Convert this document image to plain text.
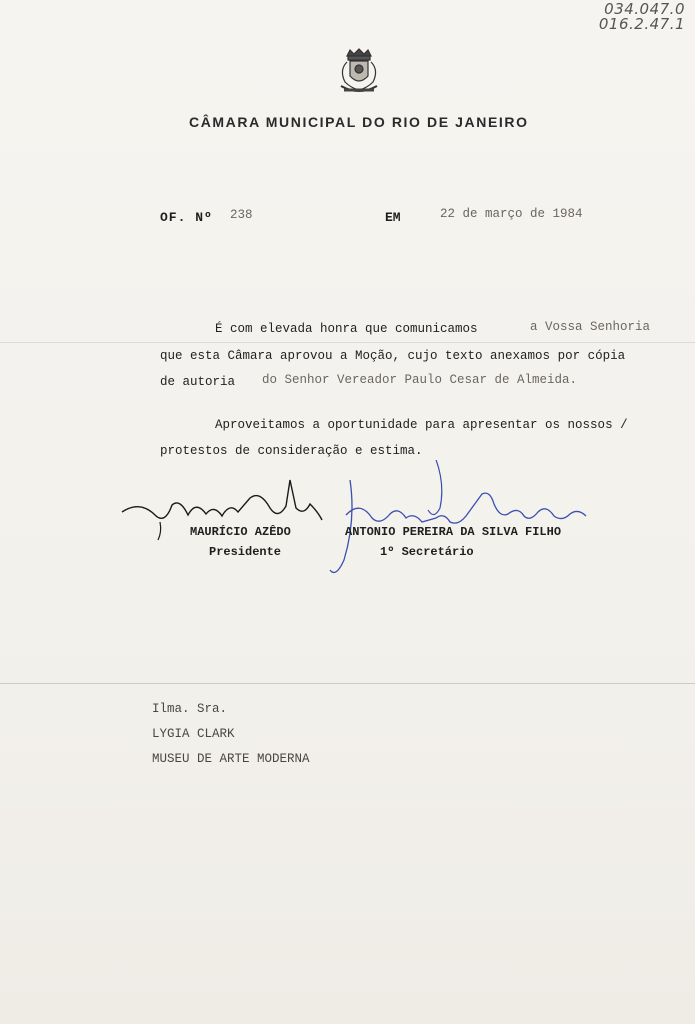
034.047.0
016.2.47.1
CÂMARA MUNICIPAL DO RIO DE JANEIRO
OF. Nº 238	EM	22 de março de 1984
É com elevada honra que comunicamos	a Vossa Senhoria
que esta Câmara aprovou a Moção, cujo texto anexamos por cópia
de autoria do Senhor Vereador Paulo Cesar de Almeida.
Aproveitamos a oportunidade para apresentar os nossos /
protestos de consideração e estima.
MAURÍCIO AZÊDO	ANTONIO PEREIRA DA SILVA FILHO
Presidente	1º Secretário
Ilma. Sra.
LYGIA CLARK
MUSEU DE ARTE MODERNA
